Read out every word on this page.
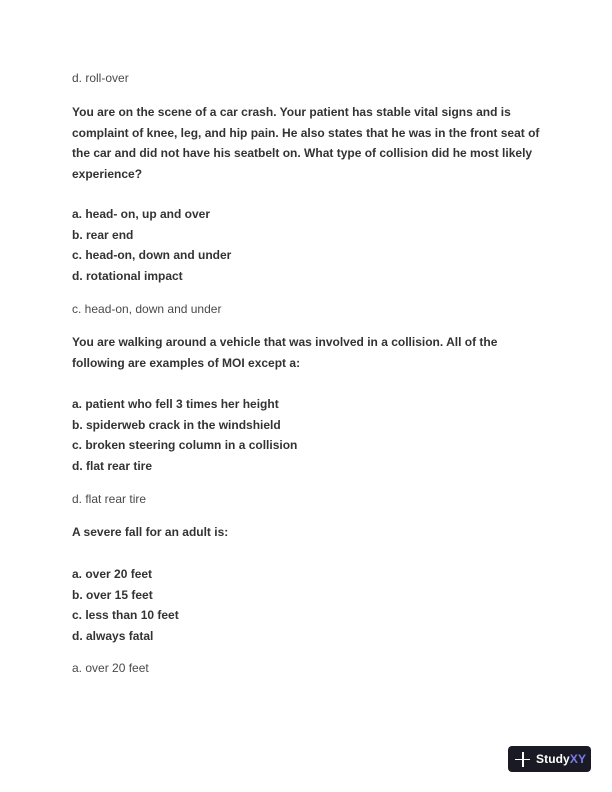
d. roll-over
You are on the scene of a car crash. Your patient has stable vital signs and is complaint of knee, leg, and hip pain. He also states that he was in the front seat of the car and did not have his seatbelt on. What type of collision did he most likely experience?
a. head- on, up and over
b. rear end
c. head-on, down and under
d. rotational impact
c. head-on, down and under
You are walking around a vehicle that was involved in a collision. All of the following are examples of MOI except a:
a. patient who fell 3 times her height
b. spiderweb crack in the windshield
c. broken steering column in a collision
d. flat rear tire
d. flat rear tire
A severe fall for an adult is:
a. over 20 feet
b. over 15 feet
c. less than 10 feet
d. always fatal
a. over 20 feet
StudyXY
